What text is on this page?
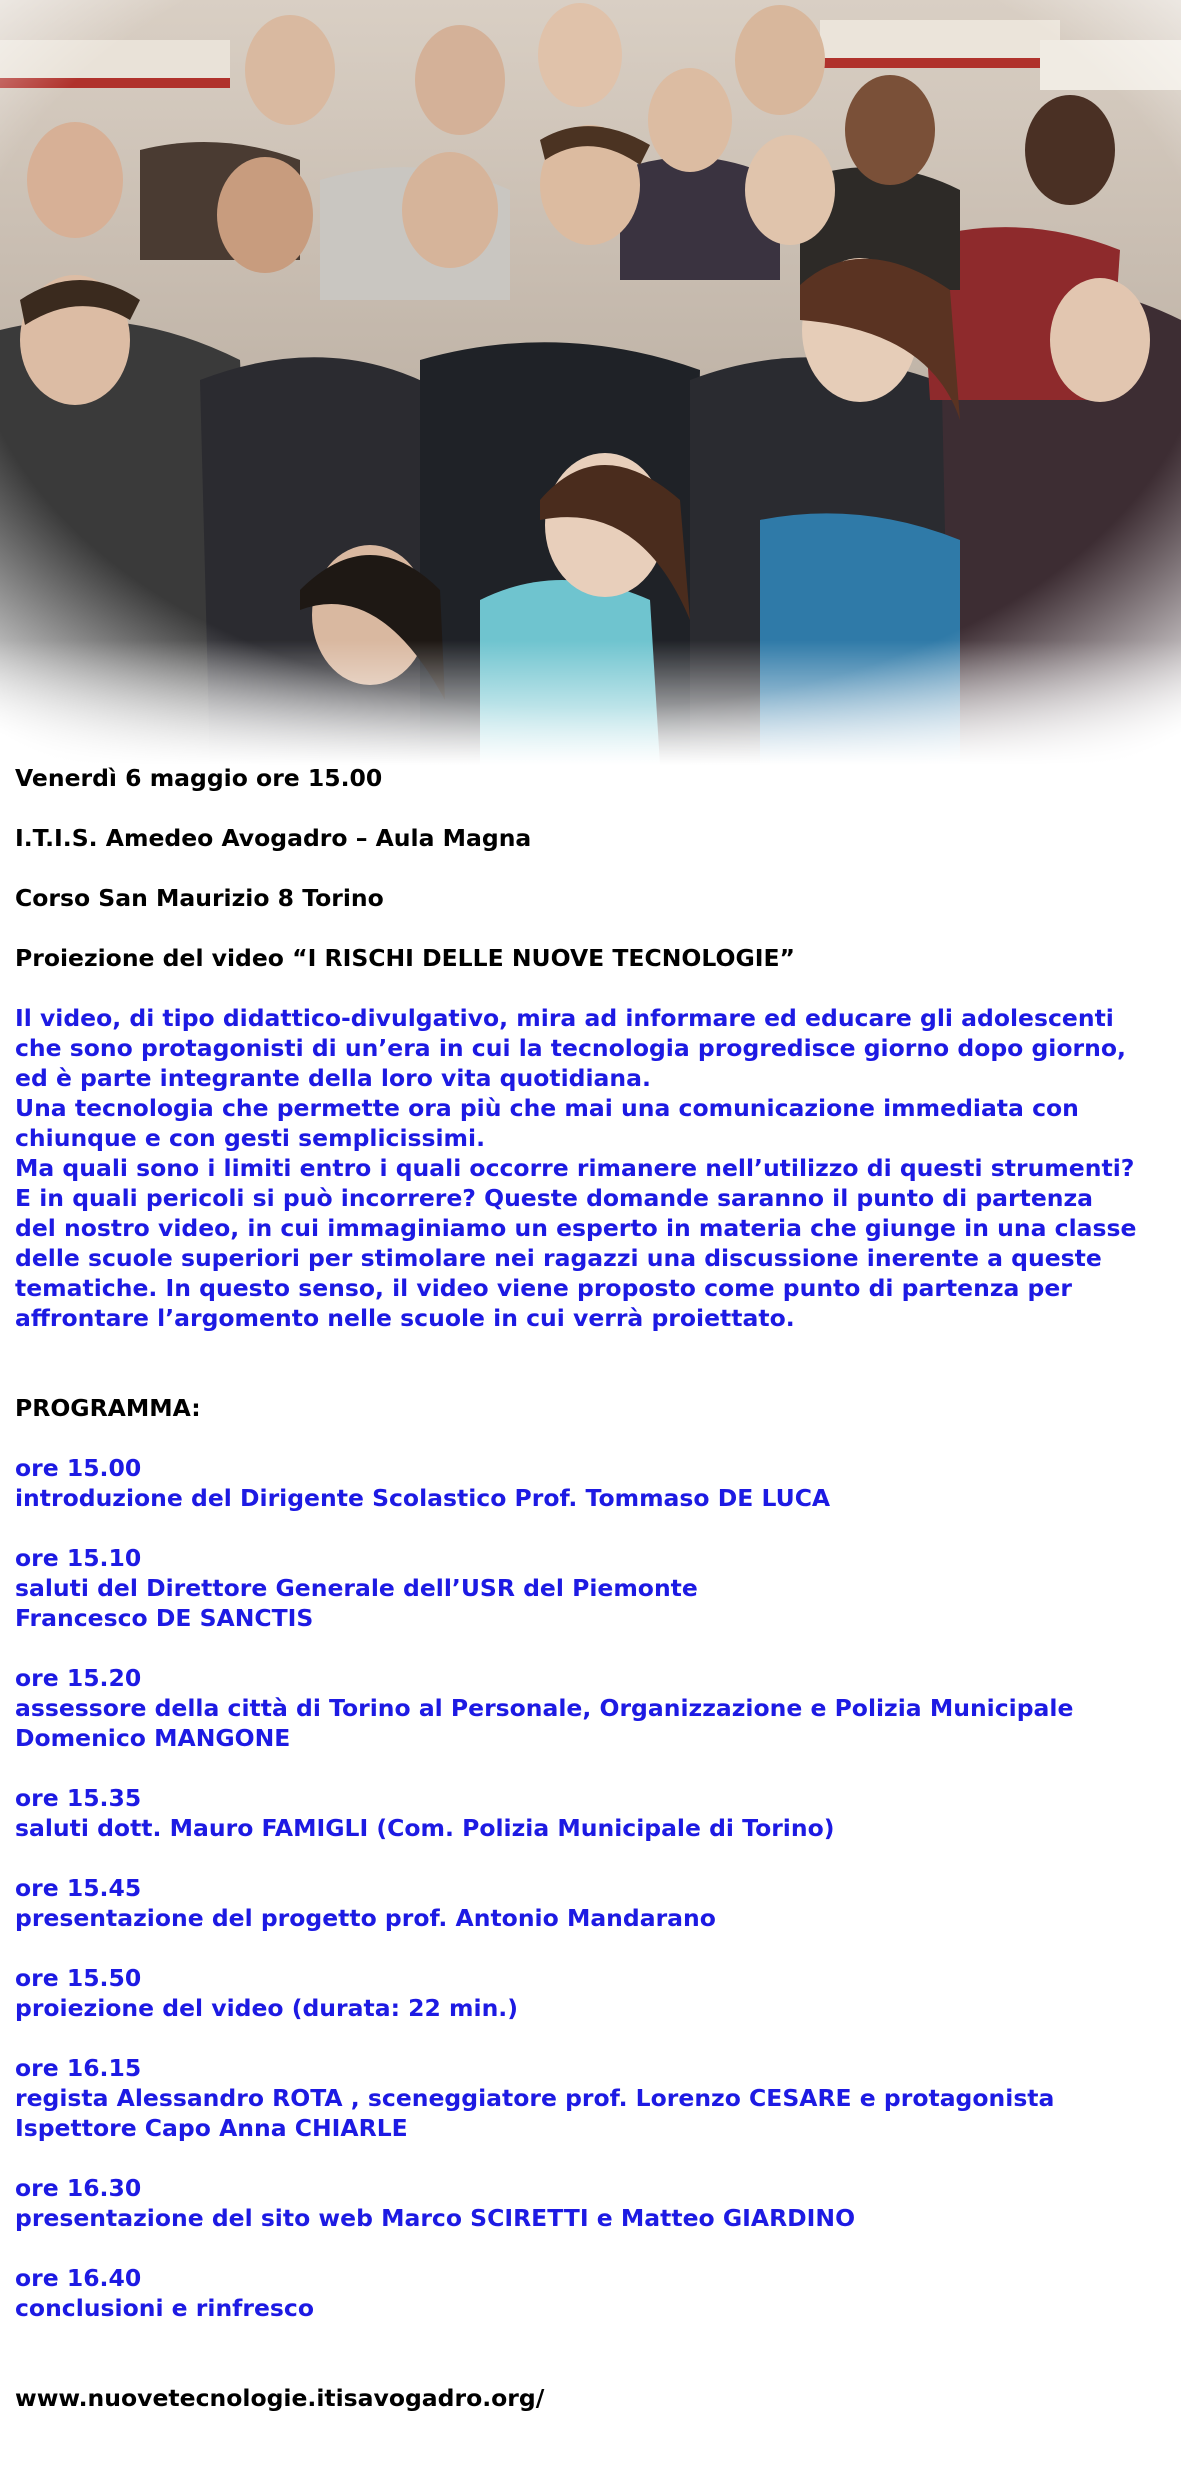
Venerdì 6 maggio ore 15.00

I.T.I.S. Amedeo Avogadro – Aula Magna

Corso San Maurizio 8 Torino

Proiezione del video “I RISCHI DELLE NUOVE TECNOLOGIE”

Il video, di tipo didattico-divulgativo, mira ad informare ed educare gli adolescenti

che sono protagonisti di un’era in cui la tecnologia progredisce giorno dopo giorno,

ed è parte integrante della loro vita quotidiana.

Una tecnologia che permette ora più che mai una comunicazione immediata con

chiunque e con gesti semplicissimi.

Ma quali sono i limiti entro i quali occorre rimanere nell’utilizzo di questi strumenti?

E in quali pericoli si può incorrere? Queste domande saranno il punto di partenza

del nostro video, in cui immaginiamo un esperto in materia che giunge in una classe

delle scuole superiori per stimolare nei ragazzi una discussione inerente a queste

tematiche. In questo senso, il video viene proposto come punto di partenza per

affrontare l’argomento nelle scuole in cui verrà proiettato.

PROGRAMMA:

ore 15.00

introduzione del Dirigente Scolastico Prof. Tommaso DE LUCA

ore 15.10

saluti del Direttore Generale dell’USR del Piemonte

Francesco DE SANCTIS

ore 15.20

assessore della città di Torino al Personale, Organizzazione e Polizia Municipale

Domenico MANGONE

ore 15.35

saluti dott. Mauro FAMIGLI (Com. Polizia Municipale di Torino)

ore 15.45

presentazione del progetto prof. Antonio Mandarano

ore 15.50

proiezione del video (durata: 22 min.)

ore 16.15

regista Alessandro ROTA , sceneggiatore prof. Lorenzo CESARE e protagonista

Ispettore Capo Anna CHIARLE

ore 16.30

presentazione del sito web Marco SCIRETTI e Matteo GIARDINO

ore 16.40

conclusioni e rinfresco

www.nuovetecnologie.itisavogadro.org/
